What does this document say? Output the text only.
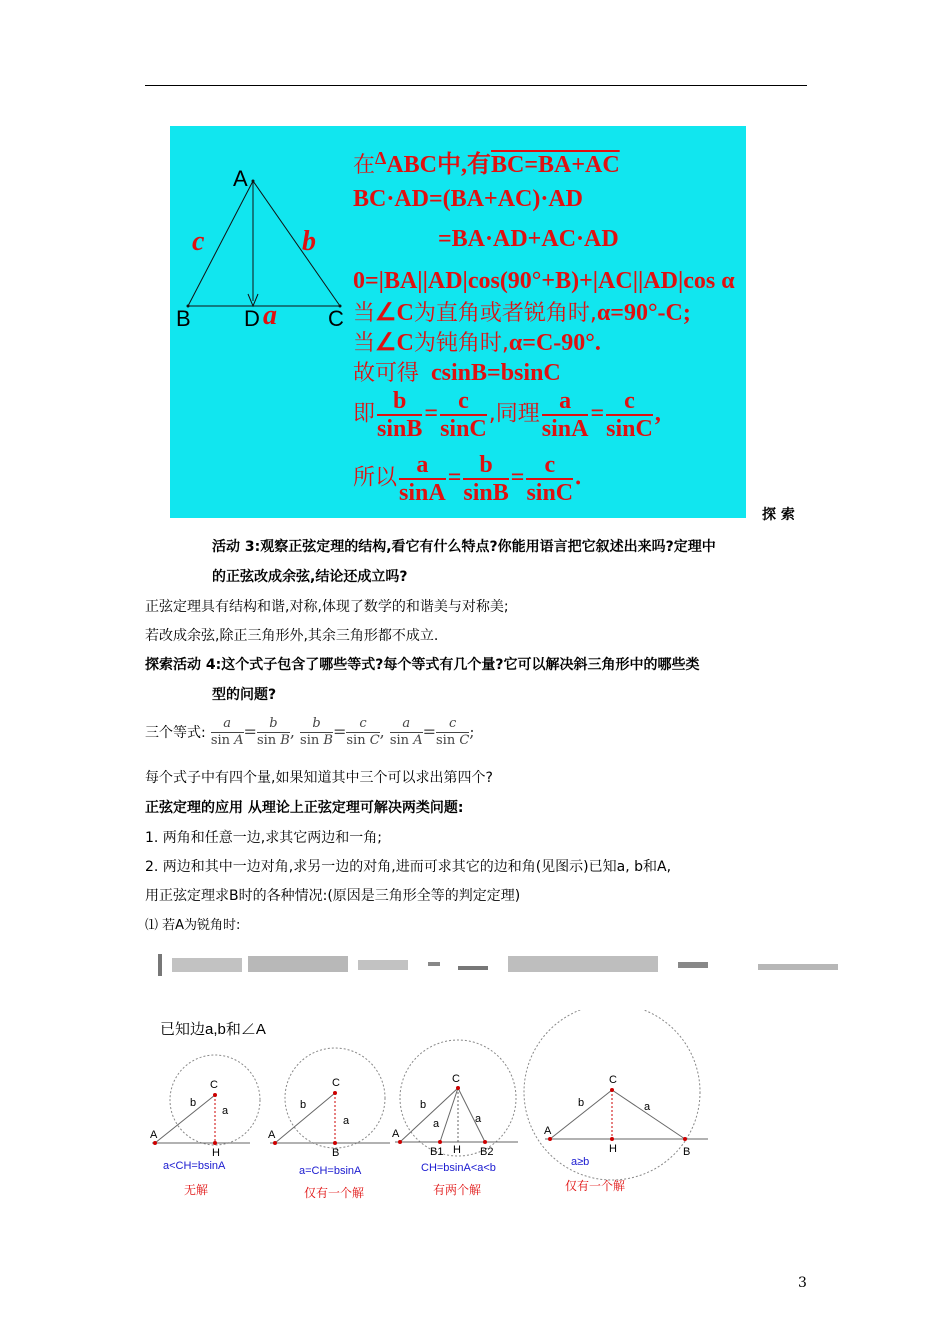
A
B D	C
c	b
a
在$^\Delta$ABC中,有BC=BA+AC
BC·AD=(BA+AC)·AD
=BA·AD+AC·AD
0=|BA||AD|cos(90°+B)+|AC||AD|cos α
当∠C为直角或者锐角时,α=90°-C;
当∠C为钝角时,α=C-90°.
故可得 csinB=bsinC
即 $\frac{b}{\sin B} = \frac{c}{\sin C}$ ,同理 $\frac{a}{\sin A} = \frac{c}{\sin C}$ ,
所以 $\frac{a}{\sin A} = \frac{b}{\sin B} = \frac{c}{\sin C}$ .
探 索
活动 3:观察正弦定理的结构,看它有什么特点?你能用语言把它叙述出来吗?定理中
的正弦改成余弦,结论还成立吗?
正弦定理具有结构和谐,对称,体现了数学的和谐美与对称美;
若改成余弦,除正三角形外,其余三角形都不成立.
探索活动 4:这个式子包含了哪些等式?每个等式有几个量?它可以解决斜三角形中的哪些类
型的问题?
三个等式: $\frac{a}{\text{sin A}} = \frac{b}{\text{sin B}}$ , $\frac{b}{\text{sin B}} = \frac{c}{\text{sin C}}$ , $\frac{a}{\text{sin A}} = \frac{c}{\text{sin C}}$ ;
每个式子中有四个量,如果知道其中三个可以求出第四个?
正弦定理的应用 从理论上正弦定理可解决两类问题:
1. 两角和任意一边,求其它两边和一角;
2. 两边和其中一边对角,求另一边的对角,进而可求其它的边和角(见图示)已知a, b和A,
用正弦定理求B时的各种情况:(原因是三角形全等的判定定理)
⑴ 若A为锐角时:
已知边a,b和∠A
A
C
H
b
a
A
C
B
b
a
A
C
B1 H B2
b
a	a
A
C
H	B
b	a
a<CH=bsinA
无解
a=CH=bsinA
仅有一个解
CH=bsinA<a<b
有两个解
a≥b
仅有一个解
3
